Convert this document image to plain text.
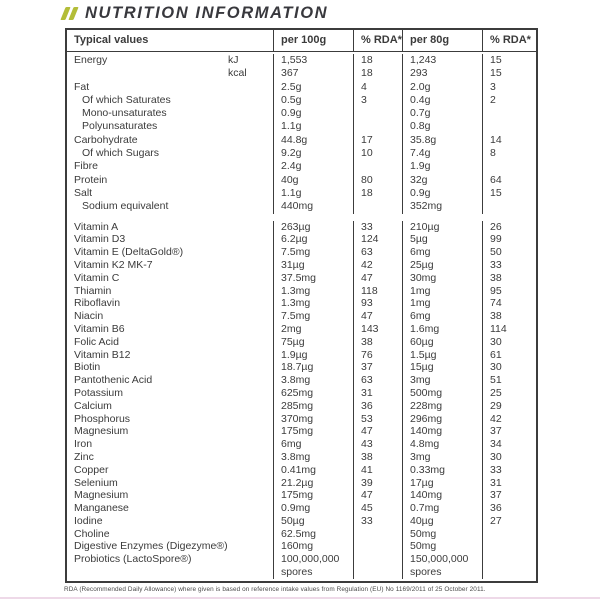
NUTRITION INFORMATION
Typical values	per 100g	% RDA* per 80g	% RDA*
Energy	kJ	1,553	18	1,243	15
kcal	367	18	293	15
Fat	2.5g	4	2.0g	3
Of which Saturates	0.5g	3	0.4g	2
Mono-unsaturates	0.9g	0.7g
Polyunsaturates	1.1g	0.8g
Carbohydrate	44.8g	17	35.8g	14
Of which Sugars	9.2g	10	7.4g	8
Fibre	2.4g	1.9g
Protein	40g	80	32g	64
Salt	1.1g	18	0.9g	15
Sodium equivalent	440mg	352mg
Vitamin A	263µg	33	210µg	26
Vitamin D3	6.2µg	124	5µg	99
Vitamin E (DeltaGold®)	7.5mg	63	6mg	50
Vitamin K2 MK-7	31µg	42	25µg	33
Vitamin C	37.5mg	47	30mg	38
Thiamin	1.3mg	118	1mg	95
Riboflavin	1.3mg	93	1mg	74
Niacin	7.5mg	47	6mg	38
Vitamin B6	2mg	143	1.6mg	114
Folic Acid	75µg	38	60µg	30
Vitamin B12	1.9µg	76	1.5µg	61
Biotin	18.7µg	37	15µg	30
Pantothenic Acid	3.8mg	63	3mg	51
Potassium	625mg	31	500mg	25
Calcium	285mg	36	228mg	29
Phosphorus	370mg	53	296mg	42
Magnesium	175mg	47	140mg	37
Iron	6mg	43	4.8mg	34
Zinc	3.8mg	38	3mg	30
Copper	0.41mg	41	0.33mg	33
Selenium	21.2µg	39	17µg	31
Magnesium	175mg	47	140mg	37
Manganese	0.9mg	45	0.7mg	36
Iodine	50µg	33	40µg	27
Choline	62.5mg	50mg
Digestive Enzymes (Digezyme®)	160mg	50mg
Probiotics (LactoSpore®)	100,000,000	150,000,000
spores	spores
RDA (Recommended Daily Allowance) where given is based on reference intake values from Regulation (EU) No 1169/2011 of 25 October 2011.
